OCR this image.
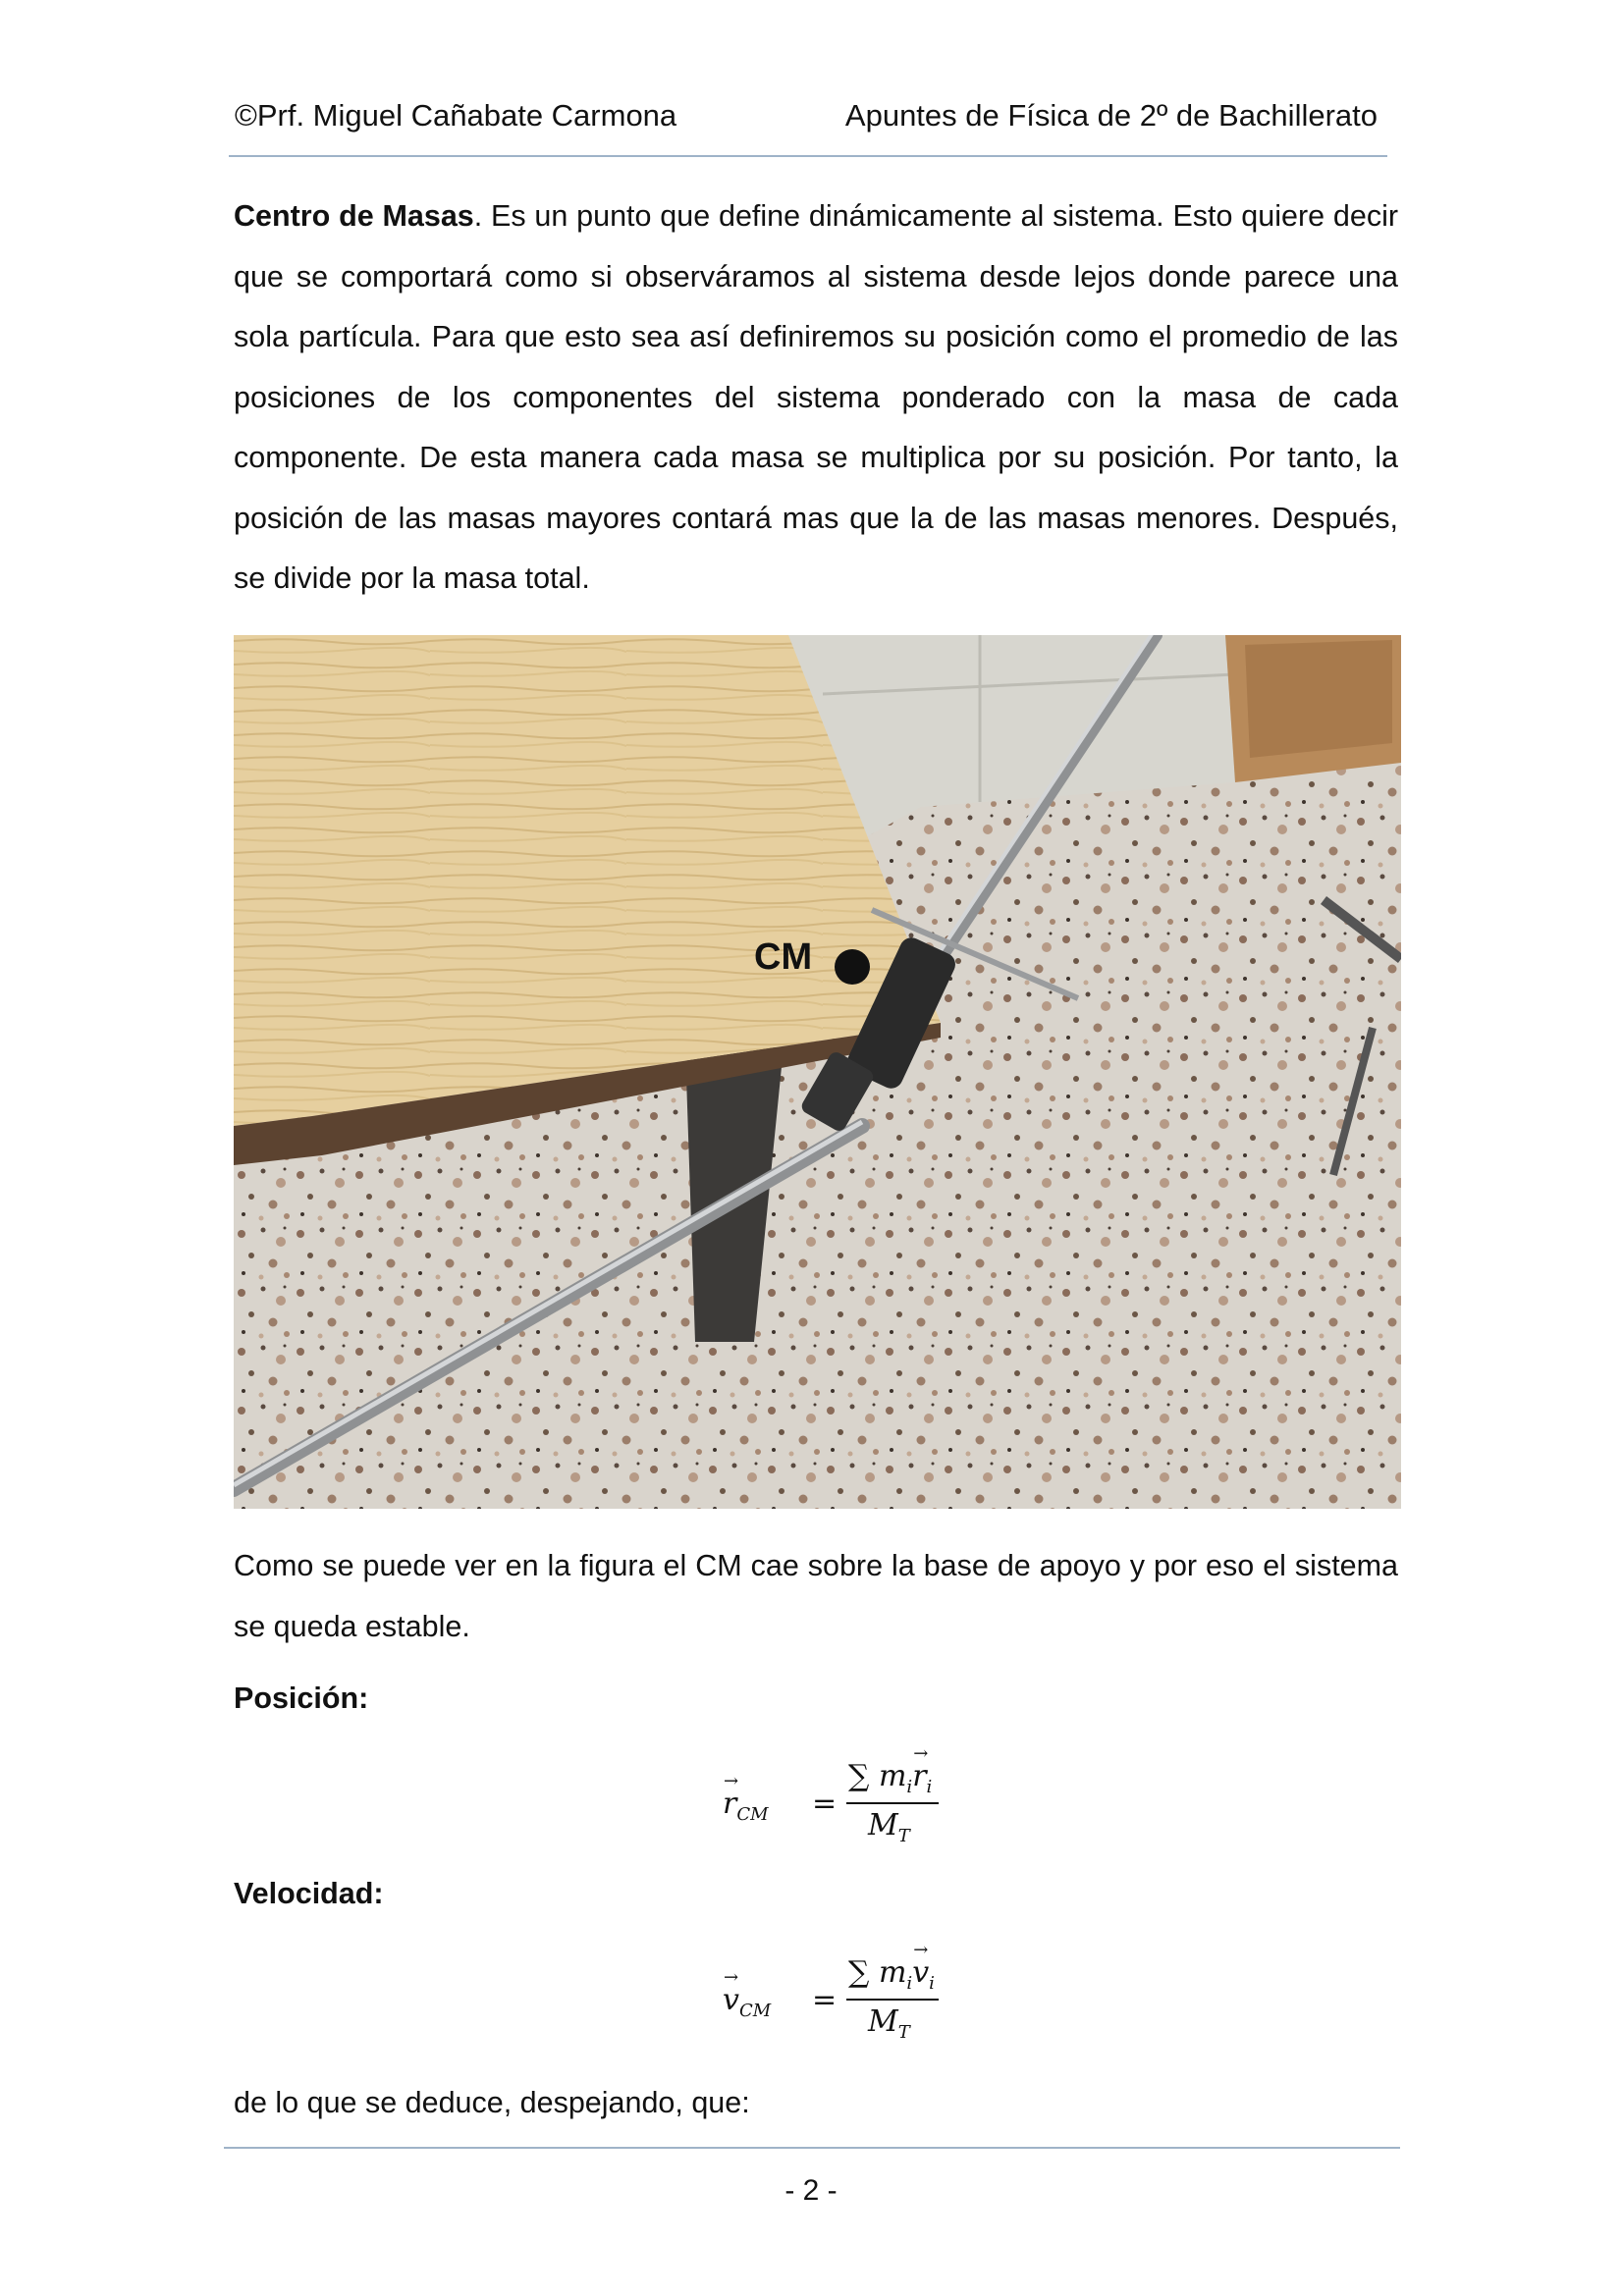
©Prf. Miguel Cañabate Carmona	Apuntes de Física de 2º de Bachillerato
Centro de Masas. Es un punto que define dinámicamente al sistema. Esto quiere decir que se comportará como si observáramos al sistema desde lejos donde parece una sola partícula. Para que esto sea así definiremos su posición como el promedio de las posiciones de los componentes del sistema ponderado con la masa de cada componente. De esta manera cada masa se multiplica por su posición. Por tanto, la posición de las masas mayores contará mas que la de las masas menores. Después, se divide por la masa total.
CM
Como se puede ver en la figura el CM cae sobre la base de apoyo y por eso el sistema se queda estable.
Posición:
→ $r_{CM}$ =
∑ $m_i\to r_i$
$M_T$
Velocidad:
→ $v_{CM}$ =
∑ $m_i\to v_i$
$M_T$
de lo que se deduce, despejando, que:
- 2 -
